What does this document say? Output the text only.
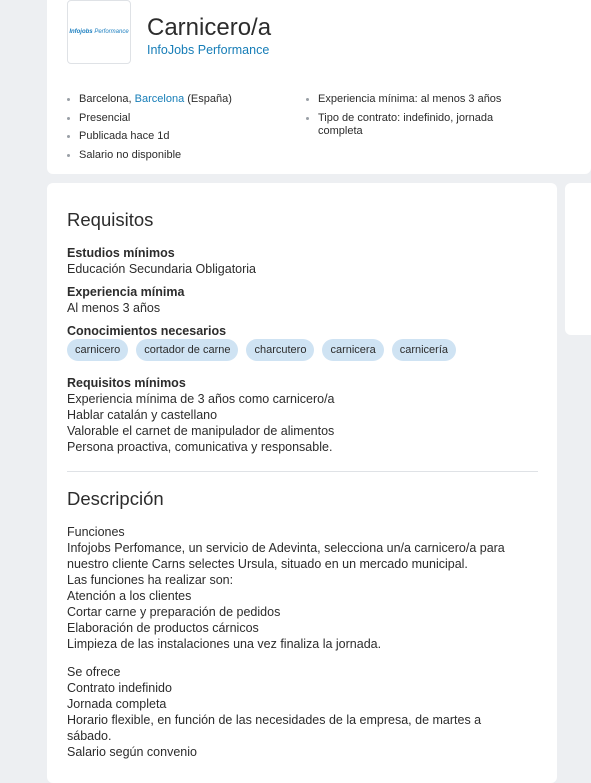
Infojobs Performance Carnicero/a
InfoJobs Performance
Barcelona, Barcelona (España)
Presencial
Publicada hace 1d
Salario no disponible
Experiencia mínima: al menos 3 años
Tipo de contrato: indefinido, jornada completa
Requisitos
Estudios mínimos
Educación Secundaria Obligatoria
Experiencia mínima
Al menos 3 años
Conocimientos necesarios
carnicero	cortador de carne	charcutero	carnicera	carnicería
Requisitos mínimos
Experiencia mínima de 3 años como carnicero/a
Hablar catalán y castellano
Valorable el carnet de manipulador de alimentos
Persona proactiva, comunicativa y responsable.
Descripción
Funciones
Infojobs Perfomance, un servicio de Adevinta, selecciona un/a carnicero/a para
nuestro cliente Carns selectes Ursula, situado en un mercado municipal.
Las funciones ha realizar son:
Atención a los clientes
Cortar carne y preparación de pedidos
Elaboración de productos cárnicos
Limpieza de las instalaciones una vez finaliza la jornada.
Se ofrece
Contrato indefinido
Jornada completa
Horario flexible, en función de las necesidades de la empresa, de martes a
sábado.
Salario según convenio
